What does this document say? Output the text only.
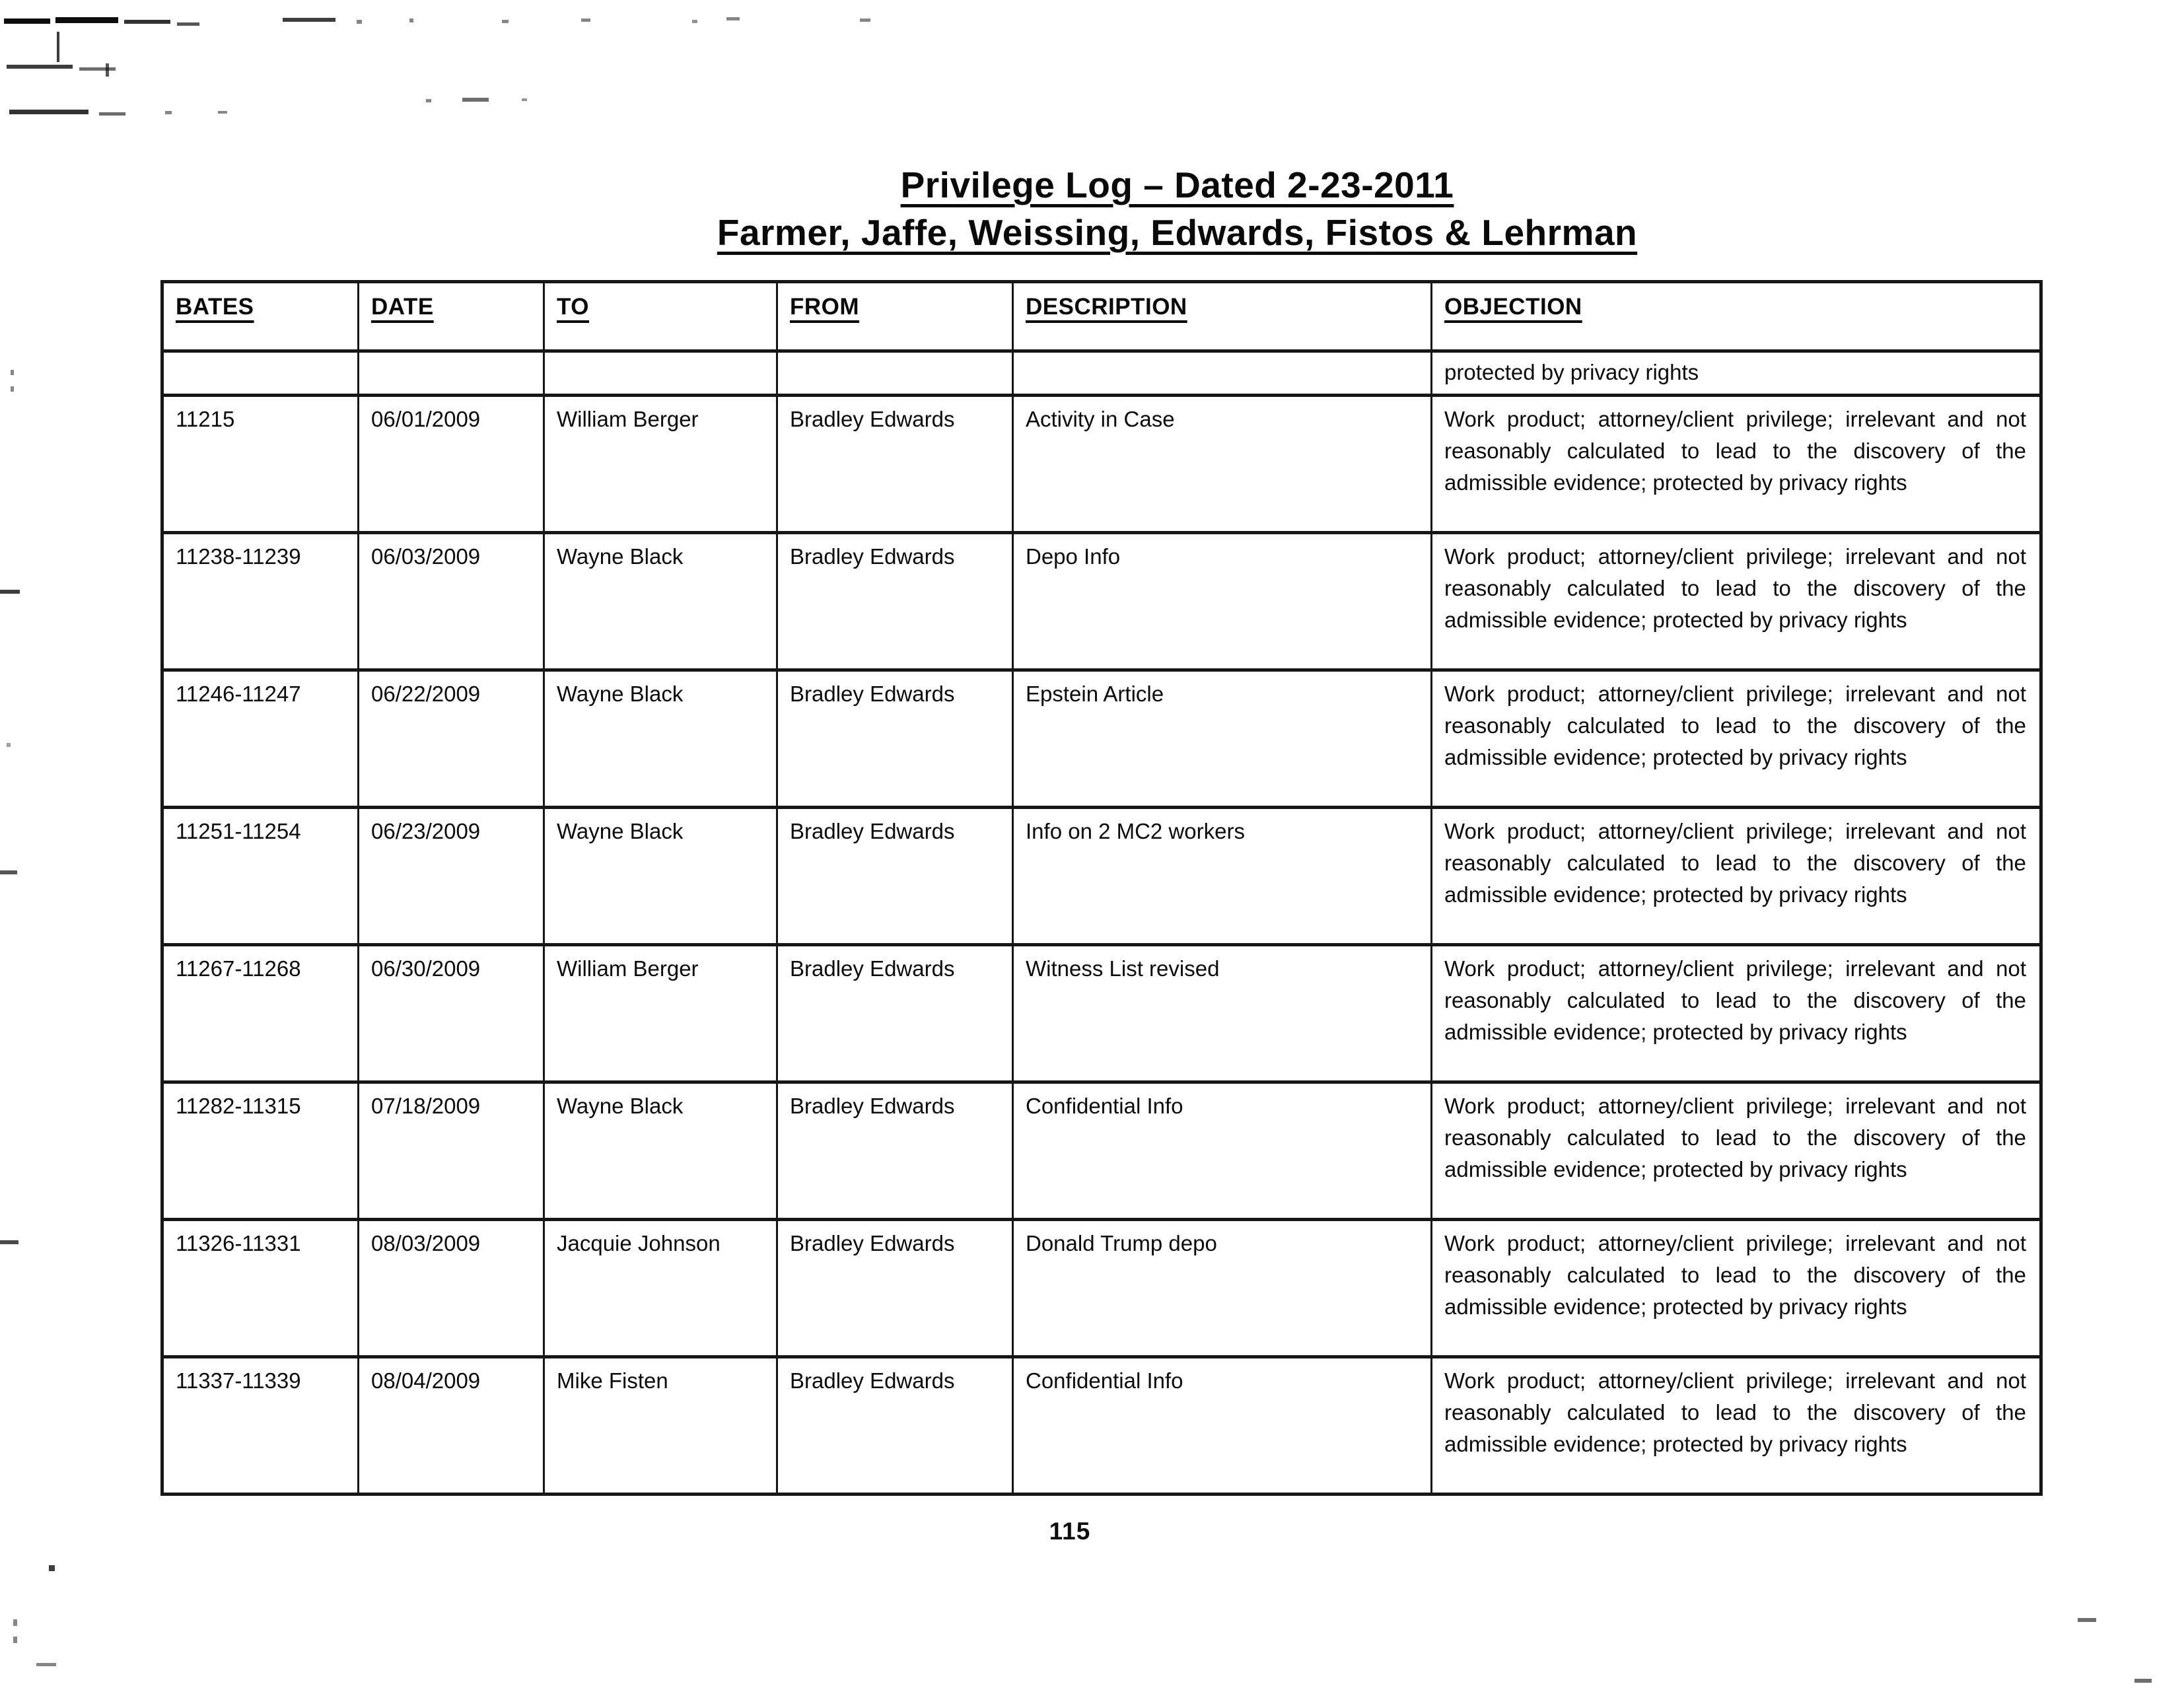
Privilege Log – Dated 2-23-2011
Farmer, Jaffe, Weissing, Edwards, Fistos & Lehrman
BATES	DATE	TO	FROM	DESCRIPTION	OBJECTION
					protected by privacy rights
11215	06/01/2009	William Berger	Bradley Edwards	Activity in Case	Work product; attorney/client privilege; irrelevant and not reasonably calculated to lead to the discovery of the admissible evidence; protected by privacy rights
11238-11239	06/03/2009	Wayne Black	Bradley Edwards	Depo Info	Work product; attorney/client privilege; irrelevant and not reasonably calculated to lead to the discovery of the admissible evidence; protected by privacy rights
11246-11247	06/22/2009	Wayne Black	Bradley Edwards	Epstein Article	Work product; attorney/client privilege; irrelevant and not reasonably calculated to lead to the discovery of the admissible evidence; protected by privacy rights
11251-11254	06/23/2009	Wayne Black	Bradley Edwards	Info on 2 MC2 workers	Work product; attorney/client privilege; irrelevant and not reasonably calculated to lead to the discovery of the admissible evidence; protected by privacy rights
11267-11268	06/30/2009	William Berger	Bradley Edwards	Witness List revised	Work product; attorney/client privilege; irrelevant and not reasonably calculated to lead to the discovery of the admissible evidence; protected by privacy rights
11282-11315	07/18/2009	Wayne Black	Bradley Edwards	Confidential Info	Work product; attorney/client privilege; irrelevant and not reasonably calculated to lead to the discovery of the admissible evidence; protected by privacy rights
11326-11331	08/03/2009	Jacquie Johnson	Bradley Edwards	Donald Trump depo	Work product; attorney/client privilege; irrelevant and not reasonably calculated to lead to the discovery of the admissible evidence; protected by privacy rights
11337-11339	08/04/2009	Mike Fisten	Bradley Edwards	Confidential Info	Work product; attorney/client privilege; irrelevant and not reasonably calculated to lead to the discovery of the admissible evidence; protected by privacy rights
115
